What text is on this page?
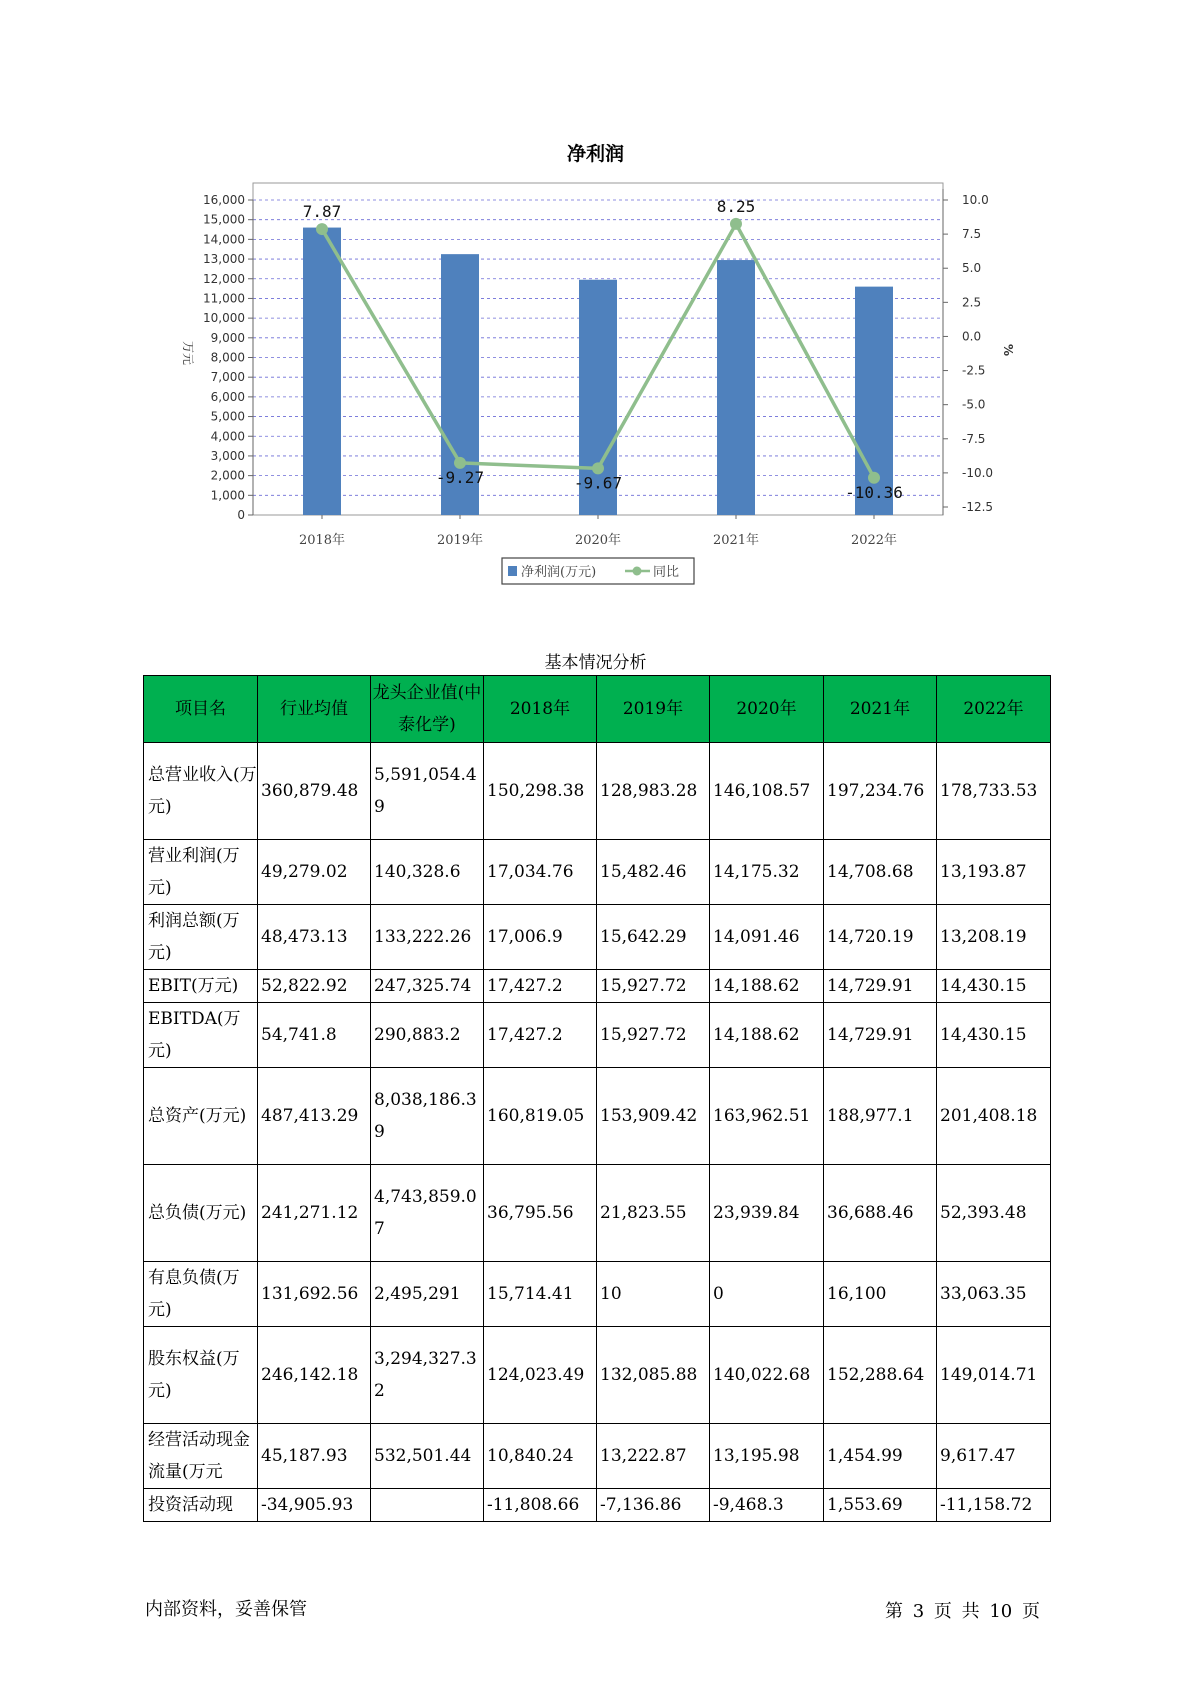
净利润
0
1,000
2,000
3,000
4,000
5,000
6,000
7,000
8,000
9,000
10,000
11,000
12,000
13,000
14,000
15,000
16,000
-12.5
-10.0
-7.5
-5.0
-2.5
0.0
2.5
5.0
7.5
10.0
万元	%
2018年	2019年	2020年	2021年	2022年
7.87
-9.27	-9.67
8.25
-10.36
净利润(万元)	同比
基本情况分析
项目名	行业均值	龙头企业值(中泰化学)	2018年	2019年	2020年	2021年	2022年
总营业收入(万元)	360,879.48	5,591,054.49	150,298.38	128,983.28	146,108.57	197,234.76	178,733.53
营业利润(万元)	49,279.02	140,328.6	17,034.76	15,482.46	14,175.32	14,708.68	13,193.87
利润总额(万元)	48,473.13	133,222.26	17,006.9	15,642.29	14,091.46	14,720.19	13,208.19
EBIT(万元)	52,822.92	247,325.74	17,427.2	15,927.72	14,188.62	14,729.91	14,430.15
EBITDA(万元)	54,741.8	290,883.2	17,427.2	15,927.72	14,188.62	14,729.91	14,430.15
总资产(万元)	487,413.29	8,038,186.39	160,819.05	153,909.42	163,962.51	188,977.1	201,408.18
总负债(万元)	241,271.12	4,743,859.07	36,795.56	21,823.55	23,939.84	36,688.46	52,393.48
有息负债(万元)	131,692.56	2,495,291	15,714.41	10	0	16,100	33,063.35
股东权益(万元)	246,142.18	3,294,327.32	124,023.49	132,085.88	140,022.68	152,288.64	149,014.71
经营活动现金流量(万元	45,187.93	532,501.44	10,840.24	13,222.87	13,195.98	1,454.99	9,617.47
投资活动现	-34,905.93		-11,808.66	-7,136.86	-9,468.3	1,553.69	-11,158.72
内部资料，妥善保管	第 3 页 共 10 页
